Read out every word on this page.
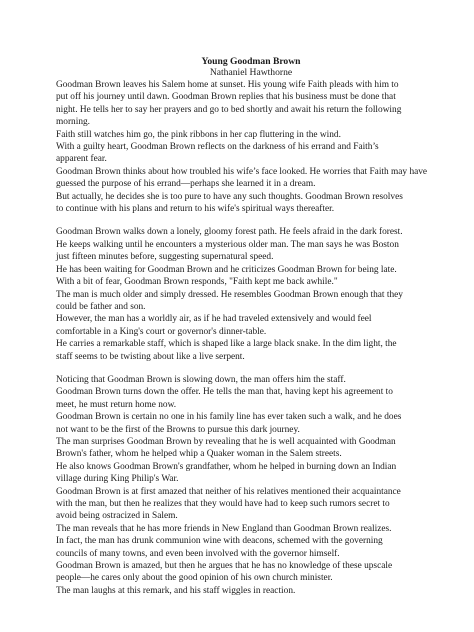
Young Goodman Brown

Nathaniel Hawthorne

Goodman Brown leaves his Salem home at sunset. His young wife Faith pleads with him to

put off his journey until dawn. Goodman Brown replies that his business must be done that

night. He tells her to say her prayers and go to bed shortly and await his return the following

morning.

Faith still watches him go, the pink ribbons in her cap fluttering in the wind.

With a guilty heart, Goodman Brown reflects on the darkness of his errand and Faith’s

apparent fear.

Goodman Brown thinks about how troubled his wife’s face looked. He worries that Faith may have

guessed the purpose of his errand—perhaps she learned it in a dream.

But actually, he decides she is too pure to have any such thoughts. Goodman Brown resolves

to continue with his plans and return to his wife's spiritual ways thereafter.

Goodman Brown walks down a lonely, gloomy forest path. He feels afraid in the dark forest.

He keeps walking until he encounters a mysterious older man. The man says he was Boston

just fifteen minutes before, suggesting supernatural speed.

He has been waiting for Goodman Brown and he criticizes Goodman Brown for being late.

With a bit of fear, Goodman Brown responds, "Faith kept me back awhile."

The man is much older and simply dressed. He resembles Goodman Brown enough that they

could be father and son.

However, the man has a worldly air, as if he had traveled extensively and would feel

comfortable in a King's court or governor's dinner-table.

He carries a remarkable staff, which is shaped like a large black snake. In the dim light, the

staff seems to be twisting about like a live serpent.

Noticing that Goodman Brown is slowing down, the man offers him the staff.

Goodman Brown turns down the offer. He tells the man that, having kept his agreement to

meet, he must return home now.

Goodman Brown is certain no one in his family line has ever taken such a walk, and he does

not want to be the first of the Browns to pursue this dark journey.

The man surprises Goodman Brown by revealing that he is well acquainted with Goodman

Brown's father, whom he helped whip a Quaker woman in the Salem streets.

He also knows Goodman Brown's grandfather, whom he helped in burning down an Indian

village during King Philip's War.

Goodman Brown is at first amazed that neither of his relatives mentioned their acquaintance

with the man, but then he realizes that they would have had to keep such rumors secret to

avoid being ostracized in Salem.

The man reveals that he has more friends in New England than Goodman Brown realizes.

In fact, the man has drunk communion wine with deacons, schemed with the governing

councils of many towns, and even been involved with the governor himself.

Goodman Brown is amazed, but then he argues that he has no knowledge of these upscale

people—he cares only about the good opinion of his own church minister.

The man laughs at this remark, and his staff wiggles in reaction.
